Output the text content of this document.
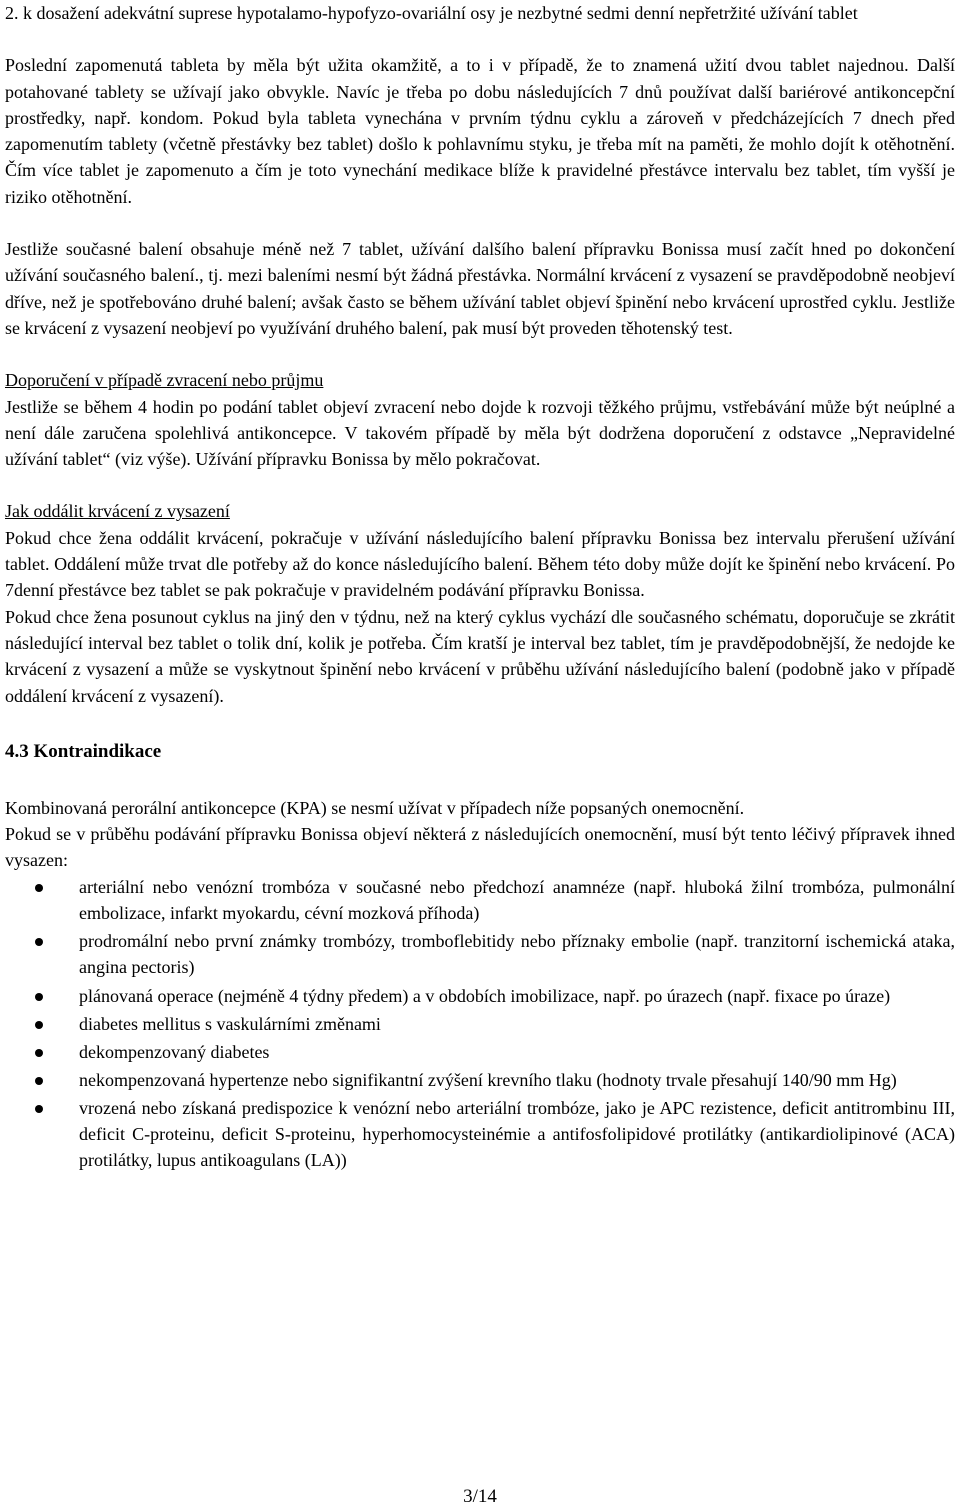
2. k dosažení adekvátní suprese hypotalamo-hypofyzo-ovariální osy je nezbytné sedmi denní nepřetržité užívání tablet

Poslední zapomenutá tableta by měla být užita okamžitě, a to i v případě, že to znamená užití dvou tablet najednou. Další potahované tablety se užívají jako obvykle. Navíc je třeba po dobu následujících 7 dnů používat další bariérové antikoncepční prostředky, např. kondom. Pokud byla tableta vynechána v prvním týdnu cyklu a zároveň v předcházejících 7 dnech před zapomenutím tablety (včetně přestávky bez tablet) došlo k pohlavnímu styku, je třeba mít na paměti, že mohlo dojít k otěhotnění. Čím více tablet je zapomenuto a čím je toto vynechání medikace blíže k pravidelné přestávce intervalu bez tablet, tím vyšší je riziko otěhotnění.

Jestliže současné balení obsahuje méně než 7 tablet, užívání dalšího balení přípravku Bonissa musí začít hned po dokončení užívání současného balení., tj. mezi baleními nesmí být žádná přestávka. Normální krvácení z vysazení se pravděpodobně neobjeví dříve, než je spotřebováno druhé balení; avšak často se během užívání tablet objeví špinění nebo krvácení uprostřed cyklu. Jestliže se krvácení z vysazení neobjeví po využívání druhého balení, pak musí být proveden těhotenský test.

Doporučení v případě zvracení nebo průjmu

Jestliže se během 4 hodin po podání tablet objeví zvracení nebo dojde k rozvoji těžkého průjmu, vstřebávání může být neúplné a není dále zaručena spolehlivá antikoncepce. V takovém případě by měla být dodržena doporučení z odstavce „Nepravidelné užívání tablet“ (viz výše). Užívání přípravku Bonissa by mělo pokračovat.

Jak oddálit krvácení z vysazení

Pokud chce žena oddálit krvácení, pokračuje v užívání následujícího balení přípravku Bonissa bez intervalu přerušení užívání tablet. Oddálení může trvat dle potřeby až do konce následujícího balení. Během této doby může dojít ke špinění nebo krvácení. Po 7denní přestávce bez tablet se pak pokračuje v pravidelném podávání přípravku Bonissa.

Pokud chce žena posunout cyklus na jiný den v týdnu, než na který cyklus vychází dle současného schématu, doporučuje se zkrátit následující interval bez tablet o tolik dní, kolik je potřeba. Čím kratší je interval bez tablet, tím je pravděpodobnější, že nedojde ke krvácení z vysazení a může se vyskytnout špinění nebo krvácení v průběhu užívání následujícího balení (podobně jako v případě oddálení krvácení z vysazení).

4.3 Kontraindikace

Kombinovaná perorální antikoncepce (KPA) se nesmí užívat v případech níže popsaných onemocnění.

Pokud se v průběhu podávání přípravku Bonissa objeví některá z následujících onemocnění, musí být tento léčivý přípravek ihned vysazen:

arteriální nebo venózní trombóza v současné nebo předchozí anamnéze (např. hluboká žilní trombóza, pulmonální embolizace, infarkt myokardu, cévní mozková příhoda)
prodromální nebo první známky trombózy, tromboflebitidy nebo příznaky embolie (např. tranzitorní ischemická ataka, angina pectoris)
plánovaná operace (nejméně 4 týdny předem) a v obdobích imobilizace, např. po úrazech (např. fixace po úraze)
diabetes mellitus s vaskulárními změnami
dekompenzovaný diabetes
nekompenzovaná hypertenze nebo signifikantní zvýšení krevního tlaku (hodnoty trvale přesahují 140/90 mm Hg)
vrozená nebo získaná predispozice k venózní nebo arteriální trombóze, jako je APC rezistence, deficit antitrombinu III, deficit C-proteinu, deficit S-proteinu, hyperhomocysteinémie a antifosfolipidové protilátky (antikardiolipinové (ACA) protilátky, lupus antikoagulans (LA))
3/14
